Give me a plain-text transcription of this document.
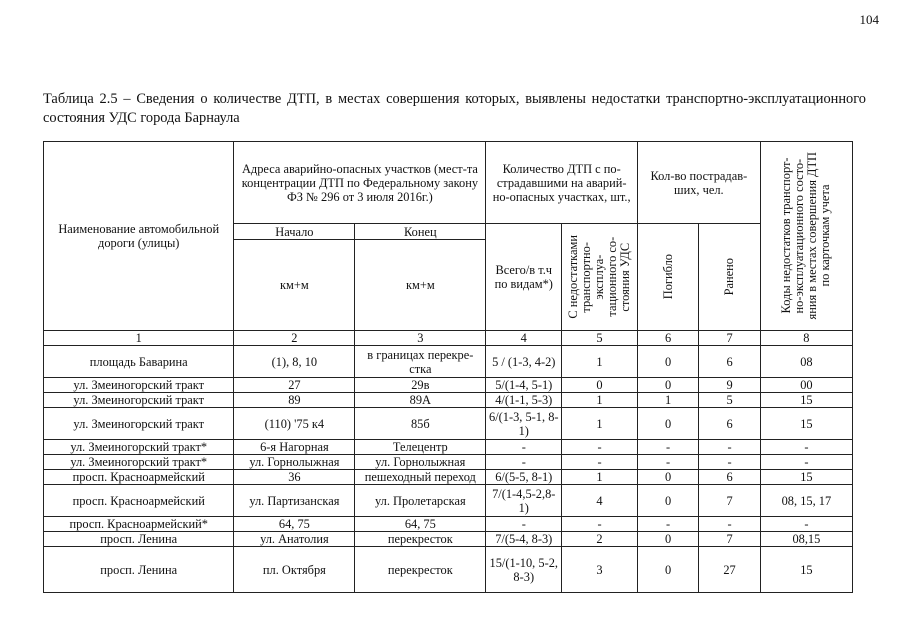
104
Таблица 2.5 – Сведения о количестве ДТП, в местах совершения которых, выявлены недостатки транспортно-эксплуатационного состояния УДС города Барнаула
Наименование автомобильной дороги (улицы)	Адреса аварийно-опасных участков (мест-та концентрации ДТП по Федеральному закону ФЗ № 296 от 3 июля 2016г.)		Количество ДТП с по-страдавшими на аварий-но-опасных участках, шт.,		Кол-во пострадав-ших, чел.		Коды недостатков транспорт-
но-эксплуатационного состо-
яния в местах совершения ДТП
по карточкам учета

	Начало	Конец	Всего/в т.ч по видам*)	С недостатками
транспортно-
эксплуа-
тационного со-
стояния УДС	Погибло	Ранено	

	км+м	км+м					
1	2	3	4	5	6	7	8
площадь Баварина	(1), 8, 10	в границах перекре-стка	5 / (1-3, 4-2)	1	0	6	08
ул. Змеиногорский тракт	27	29в	5/(1-4, 5-1)	0	0	9	00
ул. Змеиногорский тракт	89	89А	4/(1-1, 5-3)	1	1	5	15
ул. Змеиногорский тракт	(110) '75 к4	85б	6/(1-3, 5-1, 8-1)	1	0	6	15
ул. Змеиногорский тракт*	6-я Нагорная	Телецентр	-	-	-	-	-
ул. Змеиногорский тракт*	ул. Горнолыжная	ул. Горнолыжная	-	-	-	-	-
просп. Красноармейский	36	пешеходный переход	6/(5-5, 8-1)	1	0	6	15
просп. Красноармейский	ул. Партизанская	ул. Пролетарская	7/(1-4,5-2,8-1)	4	0	7	08, 15, 17
просп. Красноармейский*	64, 75	64, 75	-	-	-	-	-
просп. Ленина	ул. Анатолия	перекресток	7/(5-4, 8-3)	2	0	7	08,15
просп. Ленина	пл. Октября	перекресток	15/(1-10, 5-2, 8-3)	3	0	27	15
